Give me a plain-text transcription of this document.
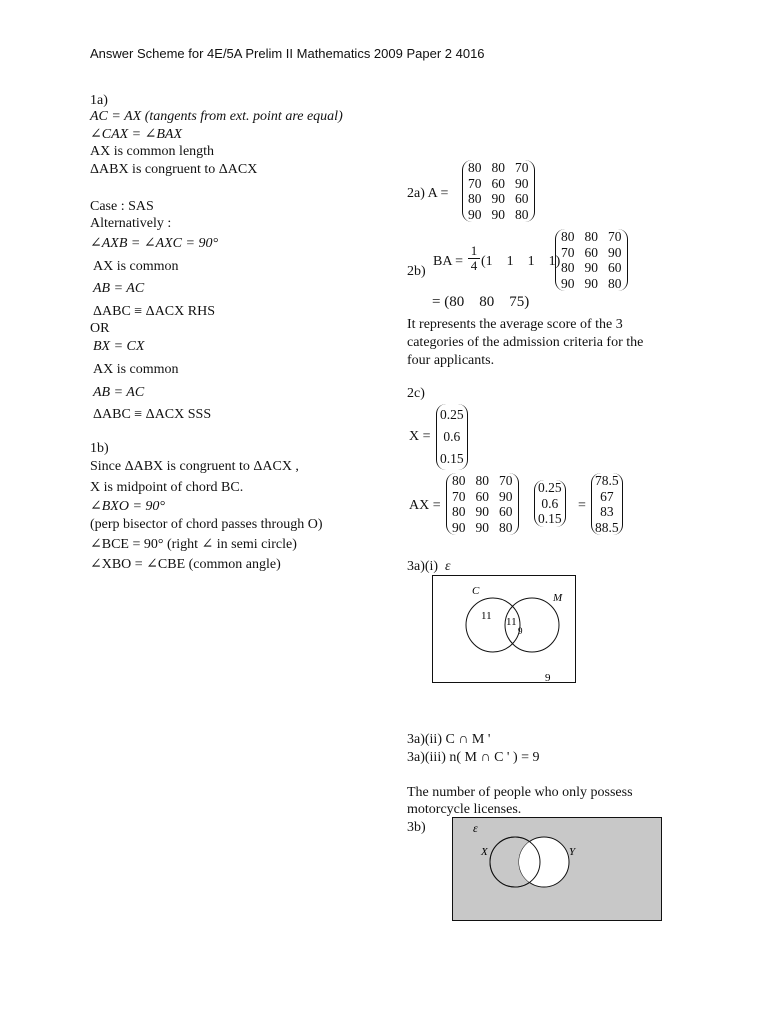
Answer Scheme for 4E/5A Prelim II Mathematics 2009 Paper 2 4016
1a)
AC = AX (tangents from ext. point are equal)
∠CAX = ∠BAX
AX is common length
ΔABX is congruent to ΔACX
Case : SAS
Alternatively :
∠AXB = ∠AXC = 90°
AX is common
AB = AC
ΔABC ≡ ΔACX RHS
OR
BX = CX
AX is common
AB = AC
ΔABC ≡ ΔACX SSS
1b)
Since ΔABX is congruent to ΔACX ,
X is midpoint of chord BC.
∠BXO = 90°
(perp bisector of chord passes through O)
∠BCE = 90° (right ∠ in semi circle)
∠XBO = ∠CBE (common angle)
2a) A =
80	80	70
70	60	90
80	90	60
90	90	80
BA = $\frac{1}{4} (1$    1    1    1)
2b)
80	80	70
70	60	90
80	90	60
90	90	80
= (80    80    75)
It represents the average score of the 3
categories of the admission criteria for the
four applicants.
2c)
X =
0.25
0.6
0.15
AX =
80	80	70
70	60	90
80	90	60
90	90	80
0.25
0.6
0.15
=
78.5
67
83
88.5
3a)(i) ε
C
M
11 11
9
9
3a)(ii) C ∩ M '
3a)(iii) n( M ∩ C ' ) = 9
The number of people who only possess
motorcycle licenses.
3b)	ε
X	Y
